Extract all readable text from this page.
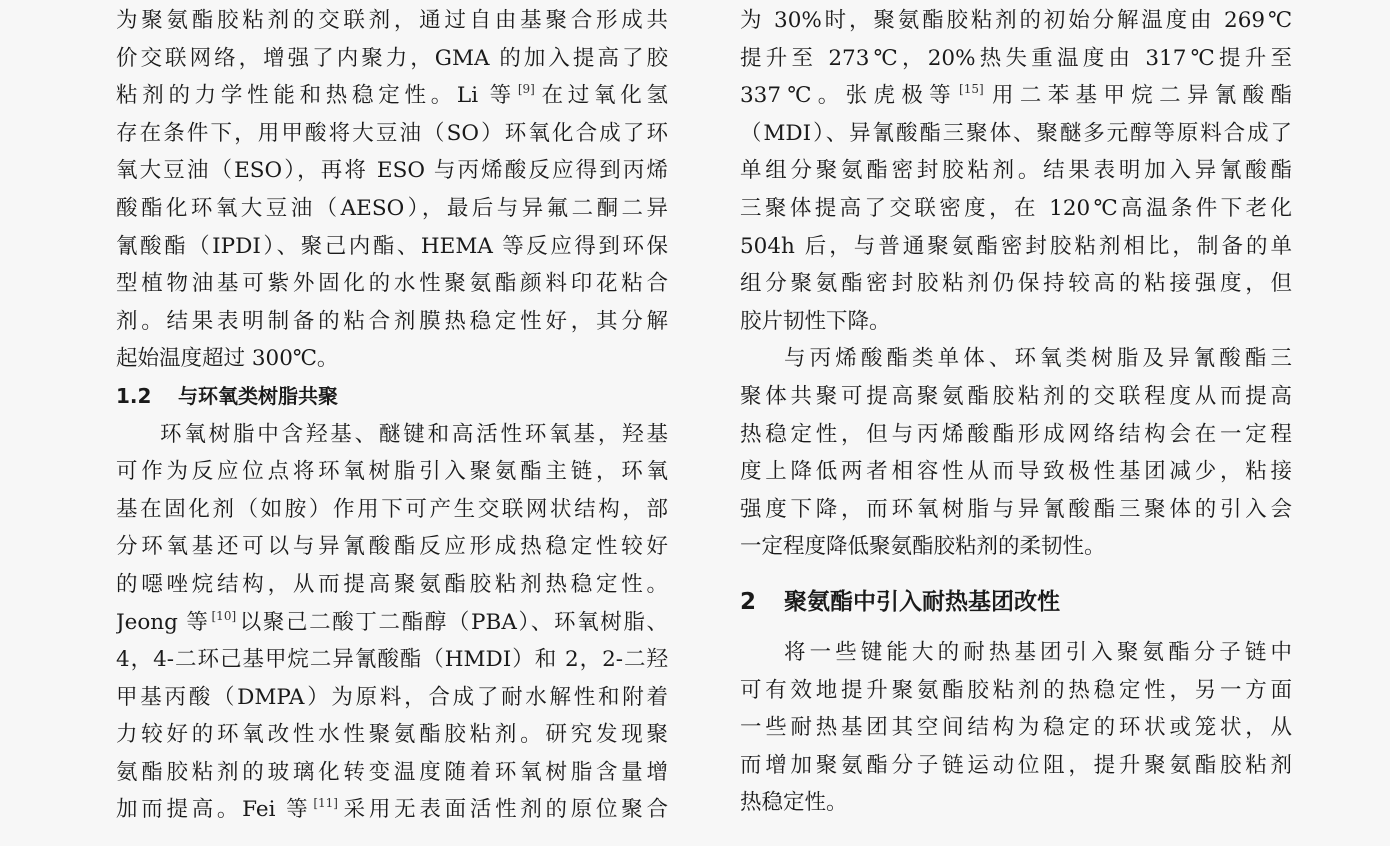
为聚氨酯胶粘剂的交联剂，通过自由基聚合形成共
价交联网络，增强了内聚力，GMA 的加入提高了胶
粘剂的力学性能和热稳定性。Li 等 [9]在过氧化氢
存在条件下，用甲酸将大豆油（SO）环氧化合成了环
氧大豆油（ESO），再将 ESO 与丙烯酸反应得到丙烯
酸酯化环氧大豆油（AESO），最后与异氟二酮二异
氰酸酯（IPDI）、聚己内酯、HEMA 等反应得到环保
型植物油基可紫外固化的水性聚氨酯颜料印花粘合
剂。结果表明制备的粘合剂膜热稳定性好，其分解
起始温度超过 300℃。
1.2 与环氧类树脂共聚
环氧树脂中含羟基、醚键和高活性环氧基，羟基
可作为反应位点将环氧树脂引入聚氨酯主链，环氧
基在固化剂（如胺）作用下可产生交联网状结构，部
分环氧基还可以与异氰酸酯反应形成热稳定性较好
的噁唑烷结构，从而提高聚氨酯胶粘剂热稳定性。
Jeong 等 [10]以聚己二酸丁二酯醇（PBA）、环氧树脂、
4，4-二环己基甲烷二异氰酸酯（HMDI）和 2，2-二羟
甲基丙酸（DMPA）为原料，合成了耐水解性和附着
力较好的环氧改性水性聚氨酯胶粘剂。研究发现聚
氨酯胶粘剂的玻璃化转变温度随着环氧树脂含量增
加而提高。Fei 等 [11]采用无表面活性剂的原位聚合
为 30%时，聚氨酯胶粘剂的初始分解温度由 269℃
提升至 273℃，20%热失重温度由 317℃提升至
337℃。张虎极等 [15]用二苯基甲烷二异氰酸酯
（MDI）、异氰酸酯三聚体、聚醚多元醇等原料合成了
单组分聚氨酯密封胶粘剂。结果表明加入异氰酸酯
三聚体提高了交联密度，在 120℃高温条件下老化
504h 后，与普通聚氨酯密封胶粘剂相比，制备的单
组分聚氨酯密封胶粘剂仍保持较高的粘接强度，但
胶片韧性下降。
与丙烯酸酯类单体、环氧类树脂及异氰酸酯三
聚体共聚可提高聚氨酯胶粘剂的交联程度从而提高
热稳定性，但与丙烯酸酯形成网络结构会在一定程
度上降低两者相容性从而导致极性基团减少，粘接
强度下降，而环氧树脂与异氰酸酯三聚体的引入会
一定程度降低聚氨酯胶粘剂的柔韧性。
2 聚氨酯中引入耐热基团改性
将一些键能大的耐热基团引入聚氨酯分子链中
可有效地提升聚氨酯胶粘剂的热稳定性，另一方面
一些耐热基团其空间结构为稳定的环状或笼状，从
而增加聚氨酯分子链运动位阻，提升聚氨酯胶粘剂
热稳定性。
